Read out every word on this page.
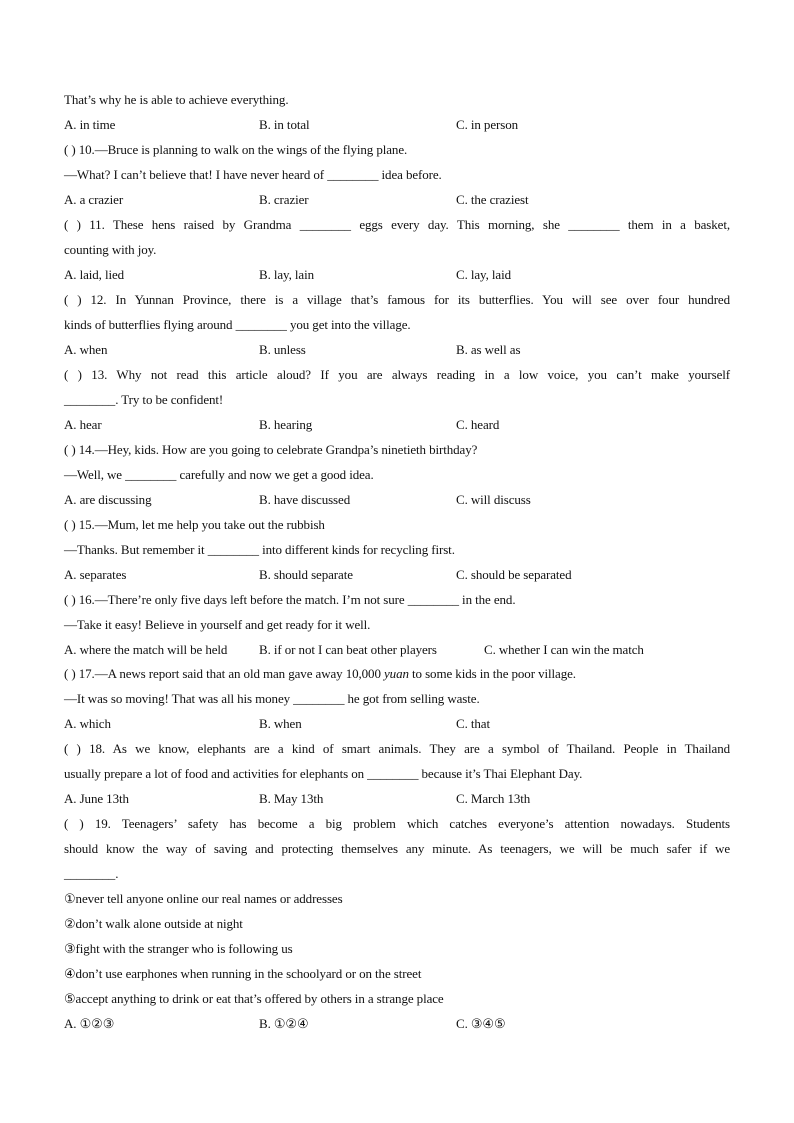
That’s why he is able to achieve everything.
A. in time	B. in total	C. in person
( ) 10.—Bruce is planning to walk on the wings of the flying plane.
—What? I can’t believe that! I have never heard of ________ idea before.
A. a crazier	B. crazier	C. the craziest
( ) 11. These hens raised by Grandma ________ eggs every day. This morning, she ________ them in a basket,
counting with joy.
A. laid, lied	B. lay, lain	C. lay, laid
( ) 12. In Yunnan Province, there is a village that’s famous for its butterflies. You will see over four hundred
kinds of butterflies flying around ________ you get into the village.
A. when	B. unless	B. as well as
( ) 13. Why not read this article aloud? If you are always reading in a low voice, you can’t make yourself
________. Try to be confident!
A. hear	B. hearing	C. heard
( ) 14.—Hey, kids. How are you going to celebrate Grandpa’s ninetieth birthday?
—Well, we ________ carefully and now we get a good idea.
A. are discussing	B. have discussed	C. will discuss
( ) 15.—Mum, let me help you take out the rubbish
—Thanks. But remember it ________ into different kinds for recycling first.
A. separates	B. should separate	C. should be separated
( ) 16.—There’re only five days left before the match. I’m not sure ________ in the end.
—Take it easy! Believe in yourself and get ready for it well.
A. where the match will be held B. if or not I can beat other players	C. whether I can win the match
( ) 17.—A news report said that an old man gave away 10,000 yuan to some kids in the poor village.
—It was so moving! That was all his money ________ he got from selling waste.
A. which	B. when	C. that
( ) 18. As we know, elephants are a kind of smart animals. They are a symbol of Thailand. People in Thailand
usually prepare a lot of food and activities for elephants on ________ because it’s Thai Elephant Day.
A. June 13th	B. May 13th	C. March 13th
( ) 19. Teenagers’ safety has become a big problem which catches everyone’s attention nowadays. Students
should know the way of saving and protecting themselves any minute. As teenagers, we will be much safer if we
________.
①never tell anyone online our real names or addresses
②don’t walk alone outside at night
③fight with the stranger who is following us
④don’t use earphones when running in the schoolyard or on the street
⑤accept anything to drink or eat that’s offered by others in a strange place
A. ①②③	B. ①②④	C. ③④⑤
